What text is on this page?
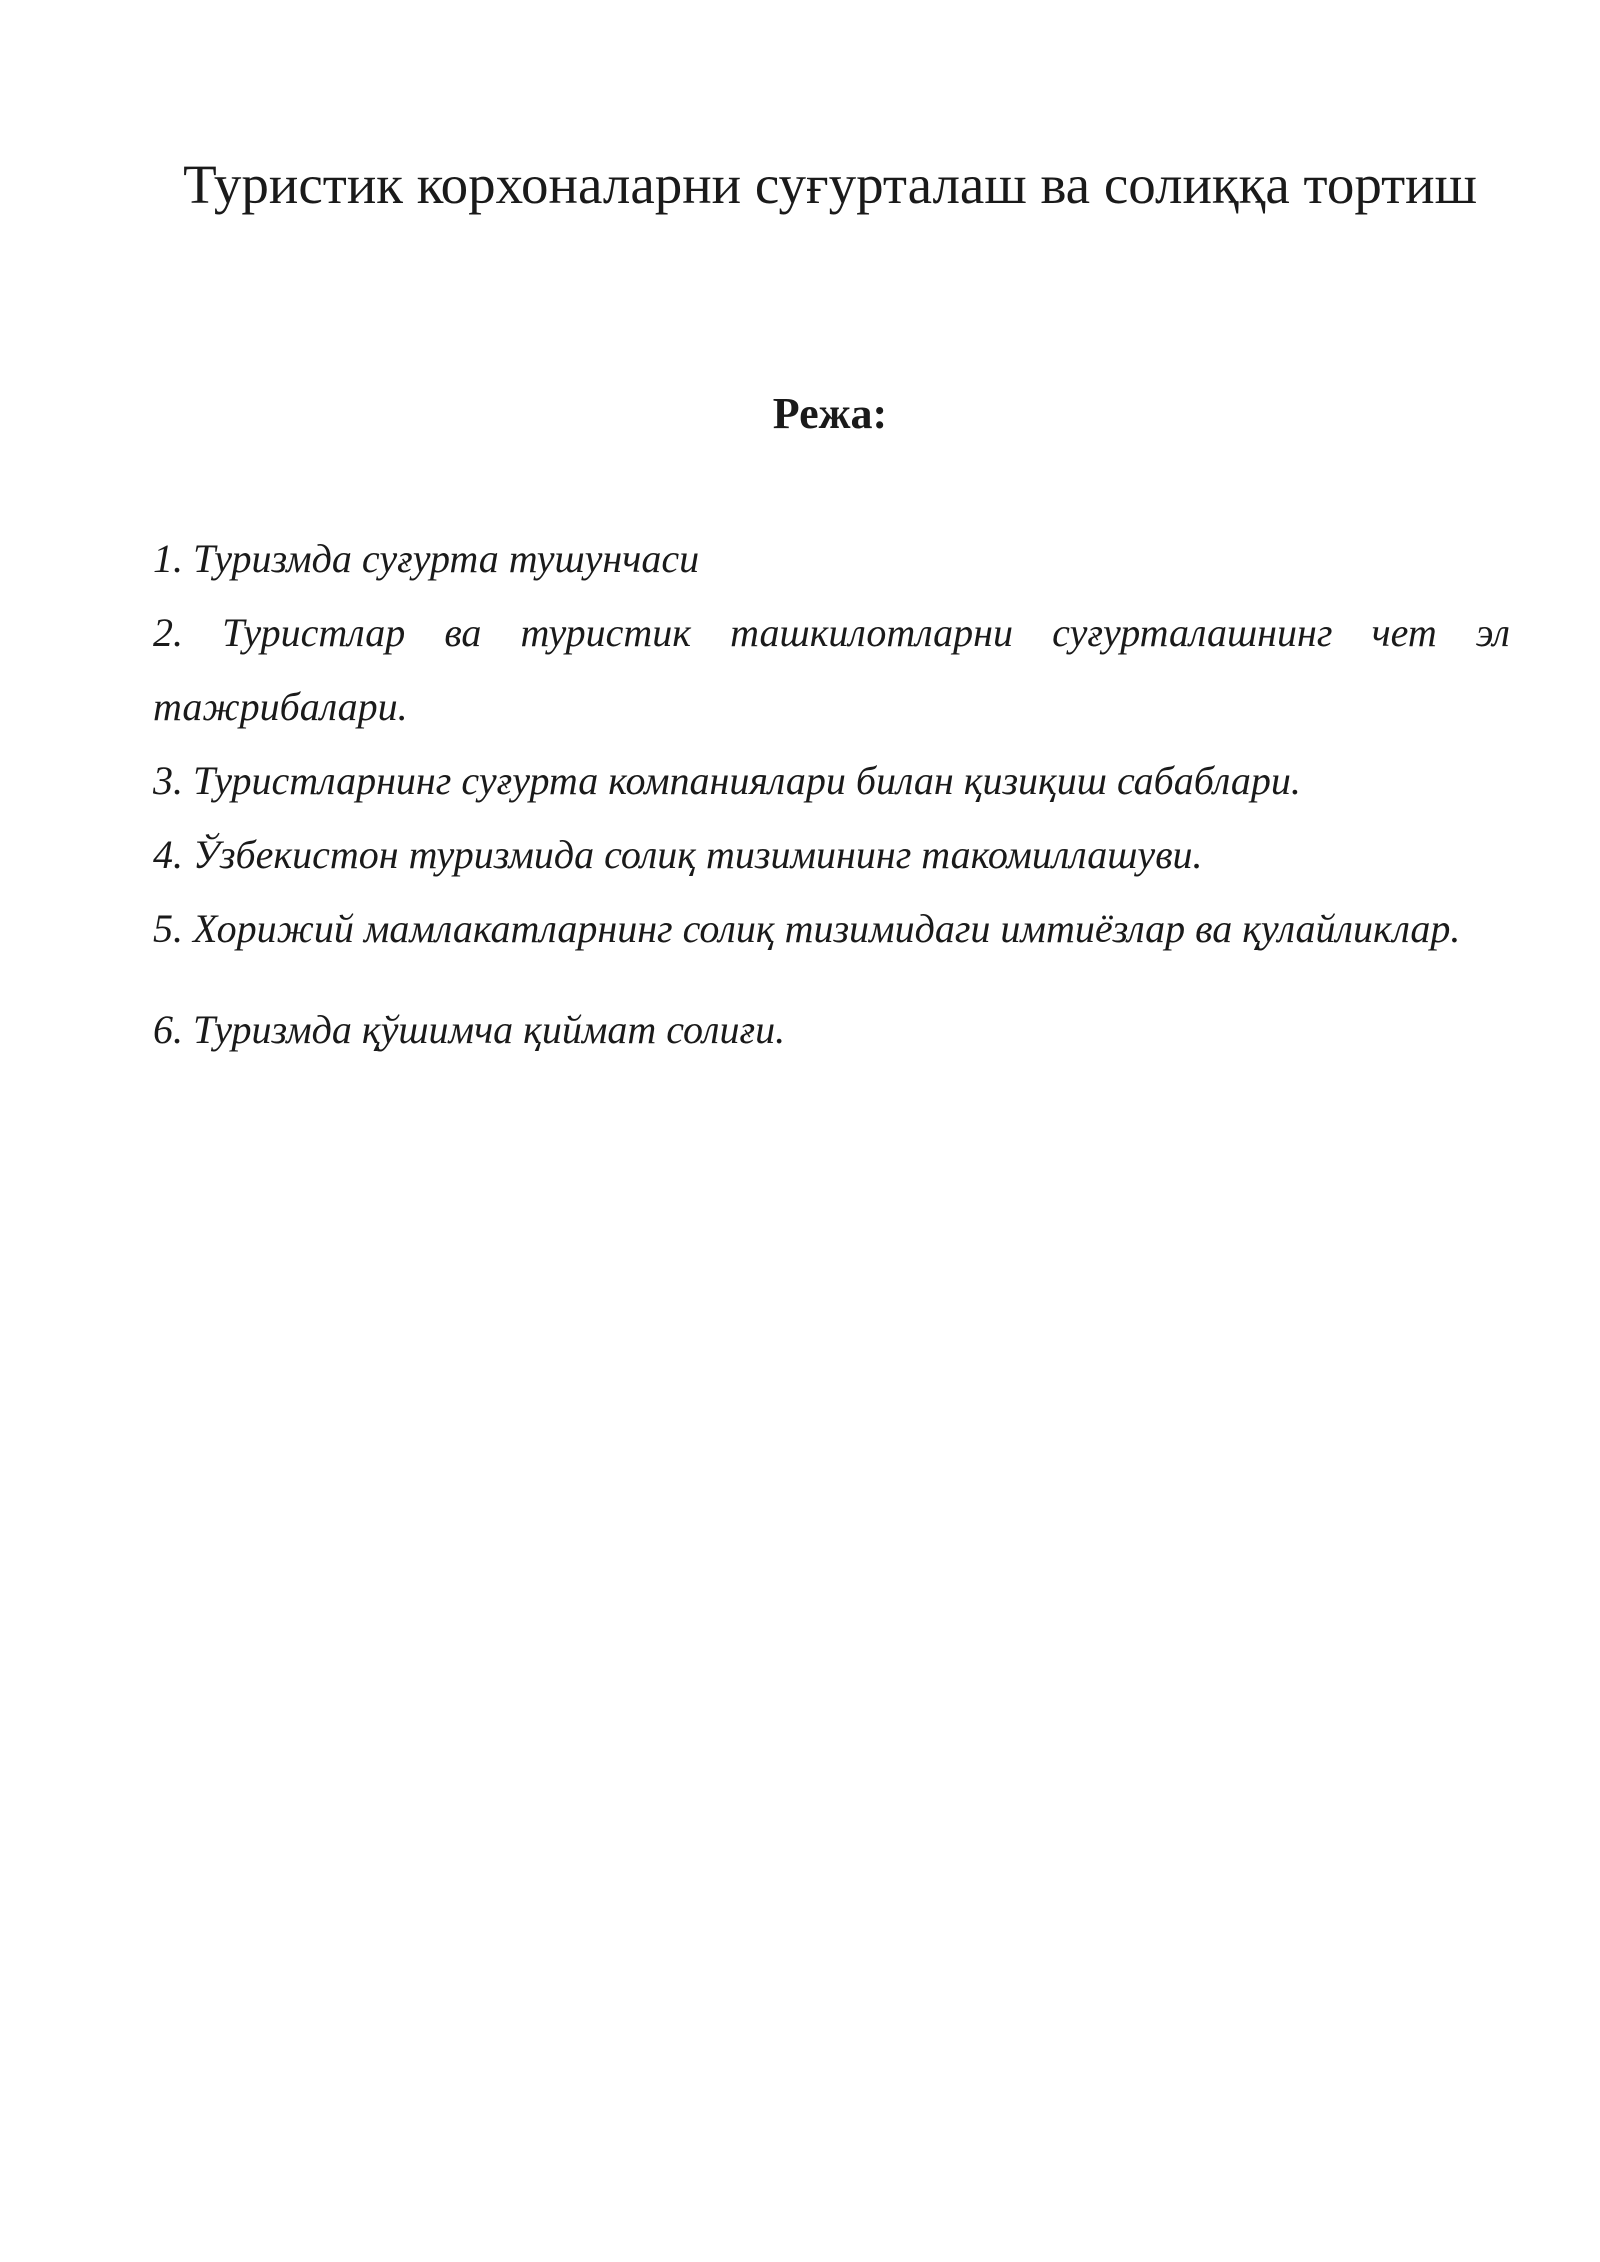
Туристик корхоналарни суғурталаш ва солиққа тортиш
Режа:
1. Туризмда суғурта тушунчаси
2. Туристлар ва туристик ташкилотларни суғурталашнинг чет эл тажрибалари.
3. Туристларнинг суғурта компаниялари билан қизиқиш сабаблари.
4. Ўзбекистон туризмида солиқ тизимининг такомиллашуви.
5. Хорижий мамлакатларнинг солиқ тизимидаги имтиёзлар ва қулайликлар.
6. Туризмда қўшимча қиймат солиғи.
